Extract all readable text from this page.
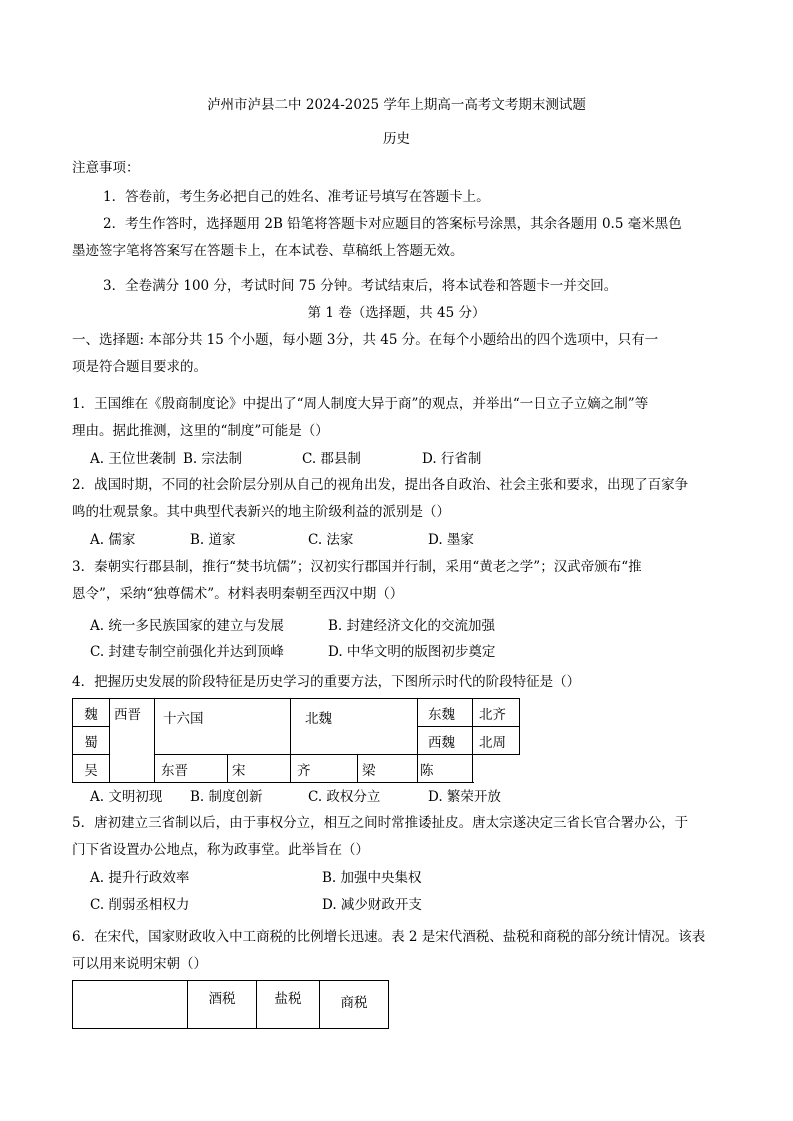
泸州市泸县二中 2024-2025 学年上期高一高考文考期末测试题
历史
注意事项：
1．答卷前，考生务必把自己的姓名、准考证号填写在答题卡上。
2．考生作答时，选择题用 2B 铅笔将答题卡对应题目的答案标号涂黑，其余各题用 0.5 毫米黑色
墨迹签字笔将答案写在答题卡上，在本试卷、草稿纸上答题无效。
3．全卷满分 100 分，考试时间 75 分钟。考试结束后，将本试卷和答题卡一并交回。
第 1 卷（选择题，共 45 分）
一、选择题: 本部分共 15 个小题，每小题 3分，共 45 分。在每个小题给出的四个选项中，只有一
项是符合题目要求的。
1．王国维在《殷商制度论》中提出了“周人制度大异于商”的观点，并举出“一日立子立嫡之制”等
理由。据此推测，这里的“制度”可能是（）
A. 王位世袭制 B. 宗法制	C. 郡县制	D. 行省制
2．战国时期，不同的社会阶层分别从自己的视角出发，提出各自政治、社会主张和要求，出现了百家争
鸣的壮观景象。其中典型代表新兴的地主阶级利益的派别是（）
A. 儒家	B. 道家	C. 法家	D. 墨家
3．秦朝实行郡县制，推行“焚书坑儒”；汉初实行郡国并行制，采用“黄老之学”；汉武帝颁布“推
恩令”，采纳“独尊儒术”。材料表明秦朝至西汉中期（）
A. 统一多民族国家的建立与发展	B. 封建经济文化的交流加强
C. 封建专制空前强化并达到顶峰	D. 中华文明的版图初步奠定
4．把握历史发展的阶段特征是历史学习的重要方法，下图所示时代的阶段特征是（）
魏	西晋	十六国		北魏		东魏	北齐
蜀						西魏	北周
吴		东晋	宋	齐	梁	陈	
A. 文明初现 B. 制度创新	C. 政权分立	D. 繁荣开放
5．唐初建立三省制以后，由于事权分立，相互之间时常推诿扯皮。唐太宗遂决定三省长官合署办公，于
门下省设置办公地点，称为政事堂。此举旨在（）
A. 提升行政效率	B. 加强中央集权
C. 削弱丞相权力	D. 减少财政开支
6．在宋代，国家财政收入中工商税的比例增长迅速。表 2 是宋代酒税、盐税和商税的部分统计情况。该表
可以用来说明宋朝（）
	酒税	盐税	商税
